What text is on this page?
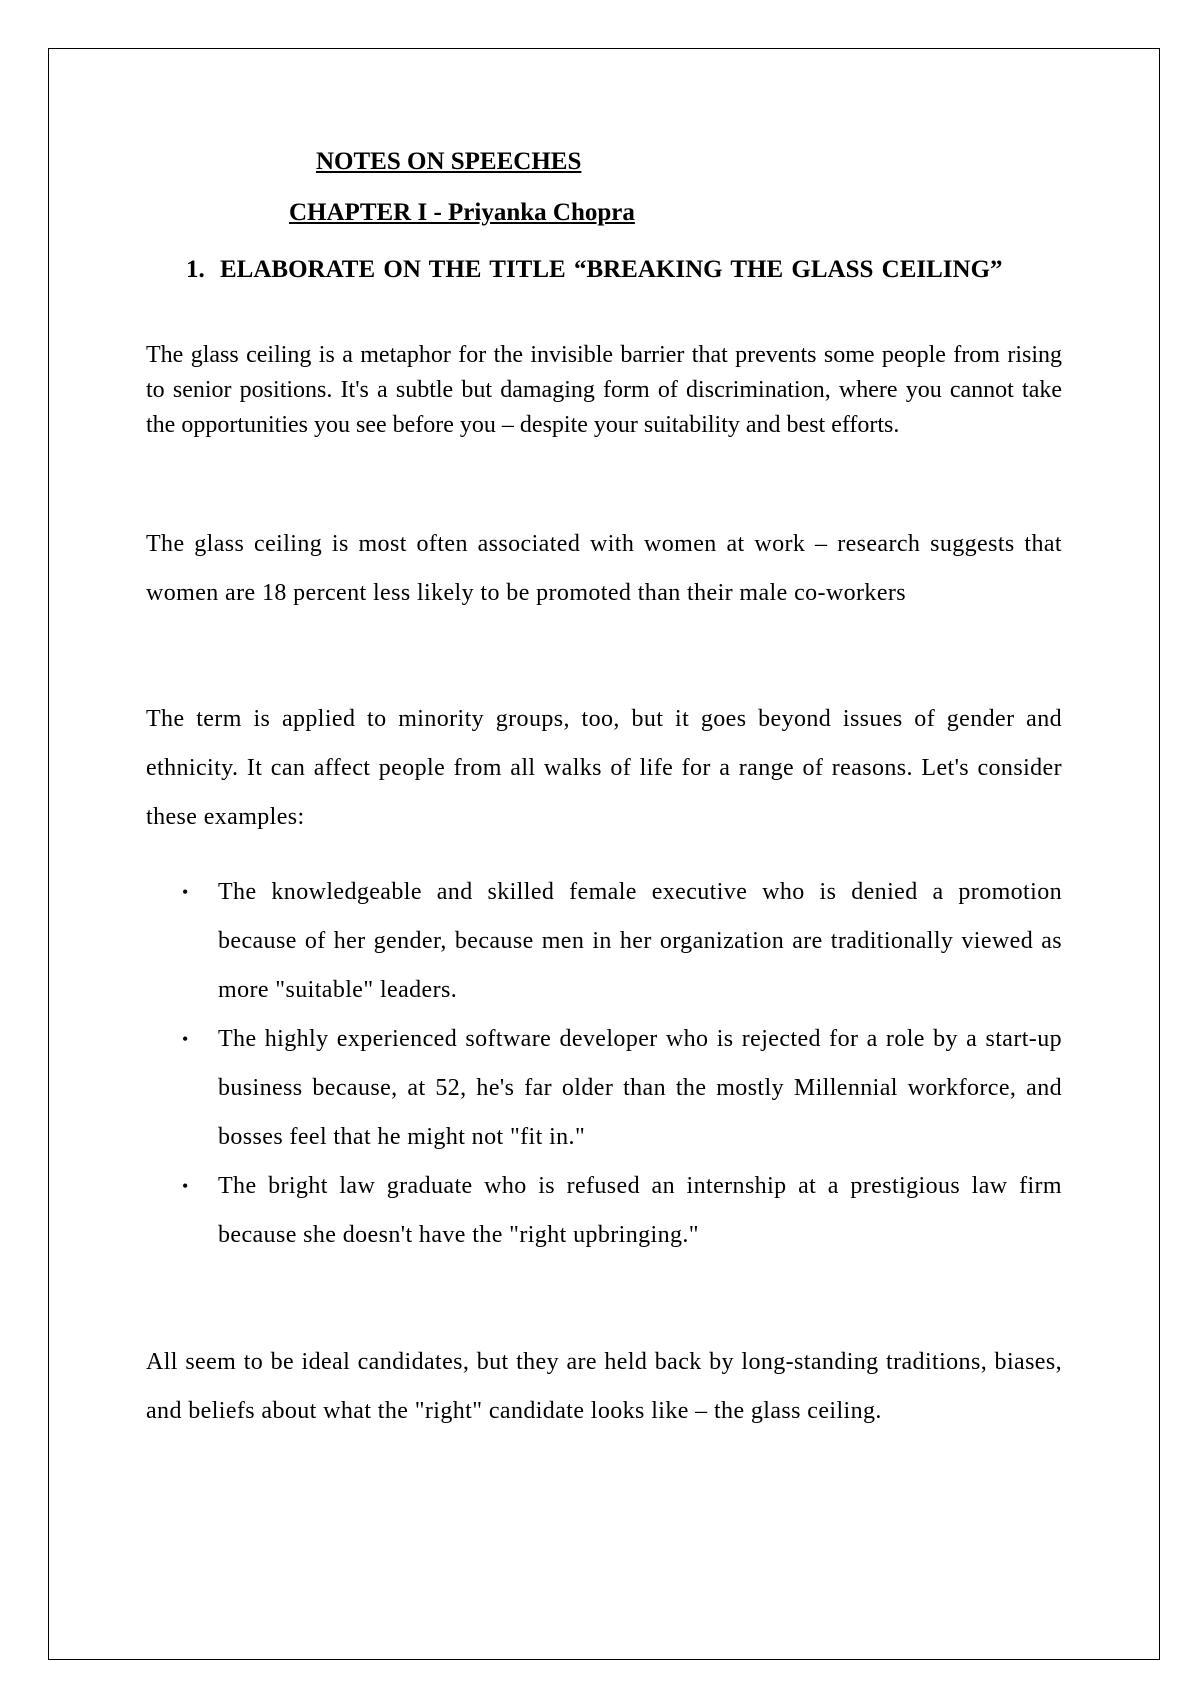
NOTES ON SPEECHES
CHAPTER I - Priyanka Chopra
1. ELABORATE ON THE TITLE “BREAKING THE GLASS CEILING”

The glass ceiling is a metaphor for the invisible barrier that prevents some people from rising to senior positions. It's a subtle but damaging form of discrimination, where you cannot take the opportunities you see before you – despite your suitability and best efforts.

The glass ceiling is most often associated with women at work – research suggests that women are 18 percent less likely to be promoted than their male co-workers

The term is applied to minority groups, too, but it goes beyond issues of gender and ethnicity. It can affect people from all walks of life for a range of reasons. Let's consider these examples:

•	The knowledgeable and skilled female executive who is denied a promotion because of her gender, because men in her organization are traditionally viewed as more "suitable" leaders.
•	The highly experienced software developer who is rejected for a role by a start-up business because, at 52, he's far older than the mostly Millennial workforce, and bosses feel that he might not "fit in."
•	The bright law graduate who is refused an internship at a prestigious law firm because she doesn't have the "right upbringing."

All seem to be ideal candidates, but they are held back by long-standing traditions, biases, and beliefs about what the "right" candidate looks like – the glass ceiling.
